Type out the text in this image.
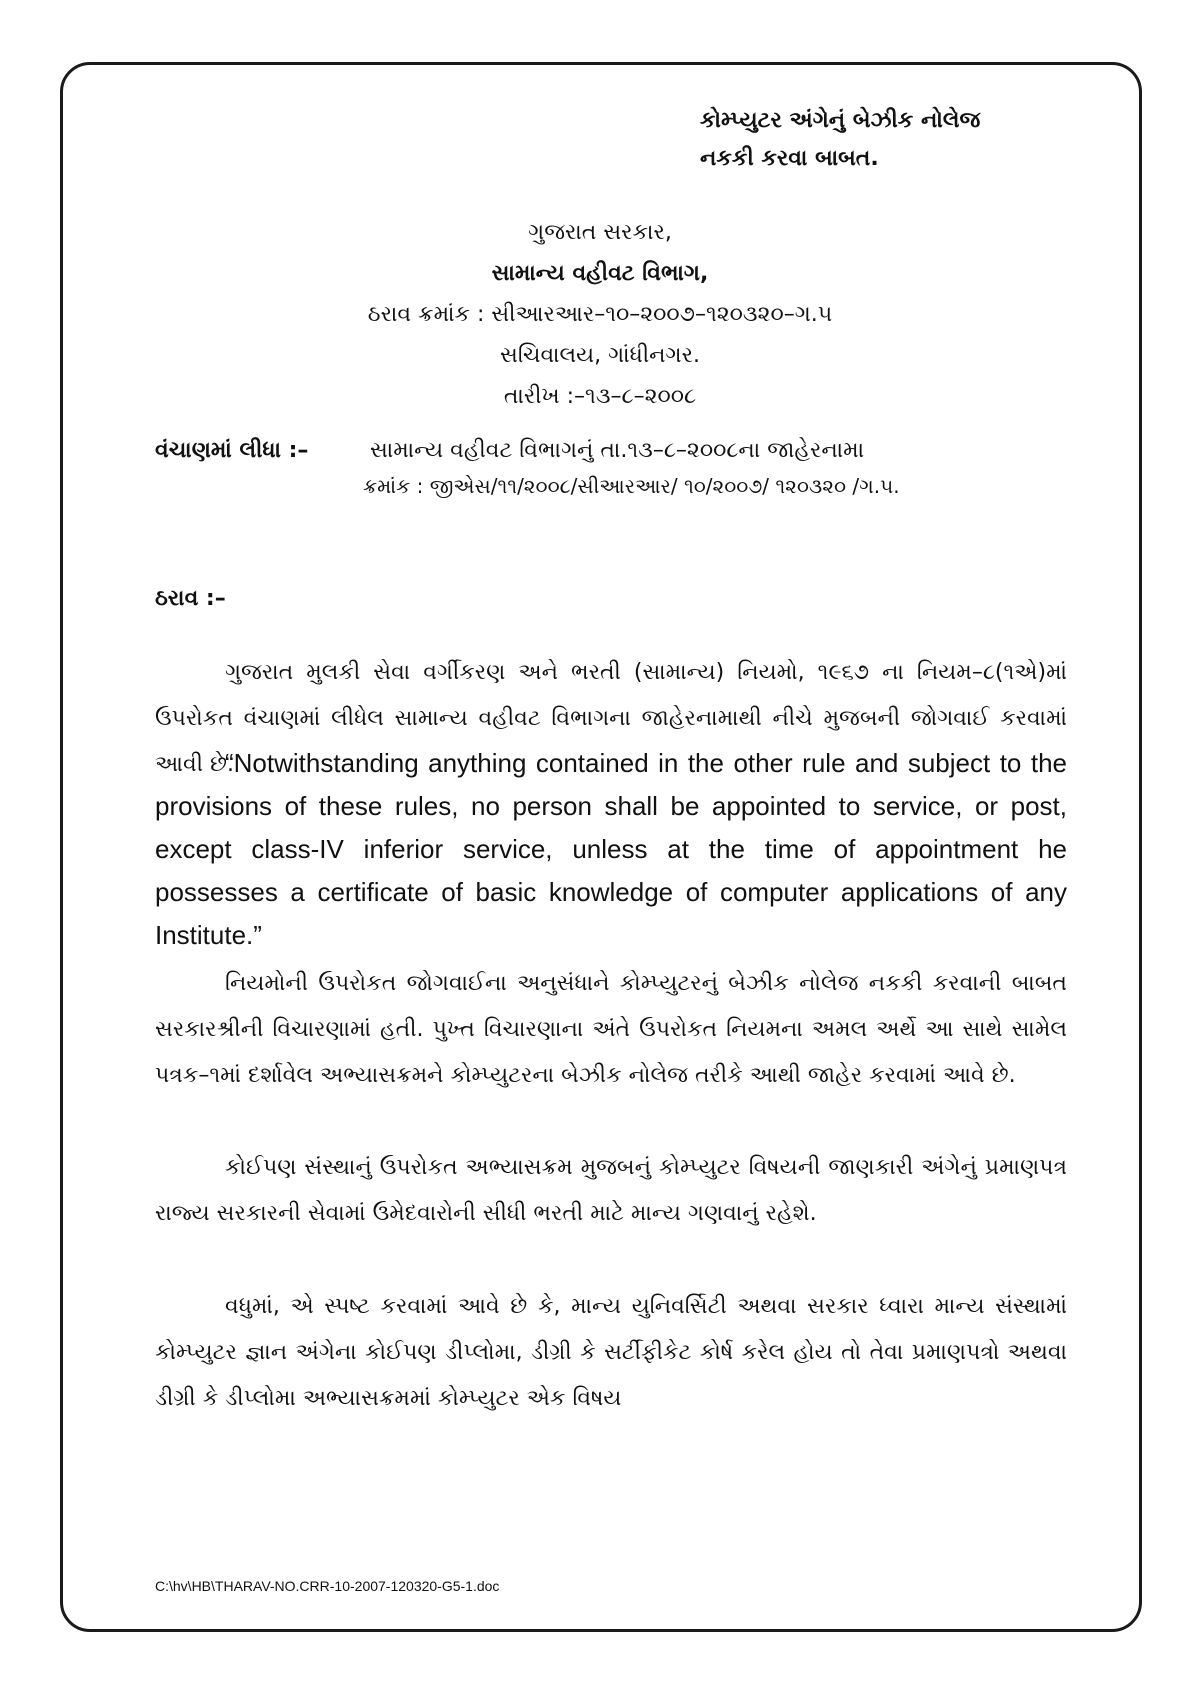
કોમ્પ્યુટર અંગેનું બેઝીક નોલેજ
નકકી કરવા બાબત.
ગુજરાત સરકાર,
સામાન્ય વહીવટ વિભાગ,
ઠરાવ ક્રમાંક : સીઆરઆર–૧૦–૨૦૦૭–૧૨૦૩૨૦–ગ.૫
સચિવાલય, ગાંધીનગર.
તારીખ :–૧૩–૮–૨૦૦૮
વંચાણમાં લીધા :–	સામાન્ય વહીવટ વિભાગનું તા.૧૩–૮–૨૦૦૮ના જાહેરનામા
ક્રમાંક : જીએસ/૧૧/૨૦૦૮/સીઆરઆર/ ૧૦/૨૦૦૭/ ૧૨૦૩૨૦ /ગ.૫.
ઠરાવ :–
ગુજરાત મુલકી સેવા વર્ગીકરણ અને ભરતી (સામાન્ય) નિયમો, ૧૯૬૭ ના નિયમ–૮(૧એ)માં ઉપરોકત વંચાણમાં લીધેલ સામાન્ય વહીવટ વિભાગના જાહેરનામાથી નીચે મુજબની જોગવાઈ કરવામાં આવી છે.
“Notwithstanding anything contained in the other rule and subject to the provisions of these rules, no person shall be appointed to service, or post, except class-IV inferior service, unless at the time of appointment he possesses a certificate of basic knowledge of computer applications of any Institute.”
નિયમોની ઉપરોકત જોગવાઈના અનુસંધાને કોમ્પ્યુટરનું બેઝીક નોલેજ નકકી કરવાની બાબત સરકારશ્રીની વિચારણામાં હતી. પુખ્ત વિચારણાના અંતે ઉપરોકત નિયમના અમલ અર્થે આ સાથે સામેલ પત્રક–૧માં દર્શાવેલ અભ્યાસક્રમને કોમ્પ્યુટરના બેઝીક નોલેજ તરીકે આથી જાહેર કરવામાં આવે છે.
કોઈપણ સંસ્થાનું ઉપરોકત અભ્યાસક્રમ મુજબનું કોમ્પ્યુટર વિષયની જાણકારી અંગેનું પ્રમાણપત્ર રાજ્ય સરકારની સેવામાં ઉમેદવારોની સીધી ભરતી માટે માન્ય ગણવાનું રહેશે.
વધુમાં, એ સ્પષ્ટ કરવામાં આવે છે કે, માન્ય યુનિવર્સિટી અથવા સરકાર ધ્વારા માન્ય સંસ્થામાં કોમ્પ્યુટર જ્ઞાન અંગેના કોઈપણ ડીપ્લોમા, ડીગ્રી કે સર્ટીફીકેટ કોર્ષ કરેલ હોય તો તેવા પ્રમાણપત્રો અથવા ડીગ્રી કે ડીપ્લોમા અભ્યાસક્રમમાં કોમ્પ્યુટર એક વિષય
C:\hv\HB\THARAV-NO.CRR-10-2007-120320-G5-1.doc
